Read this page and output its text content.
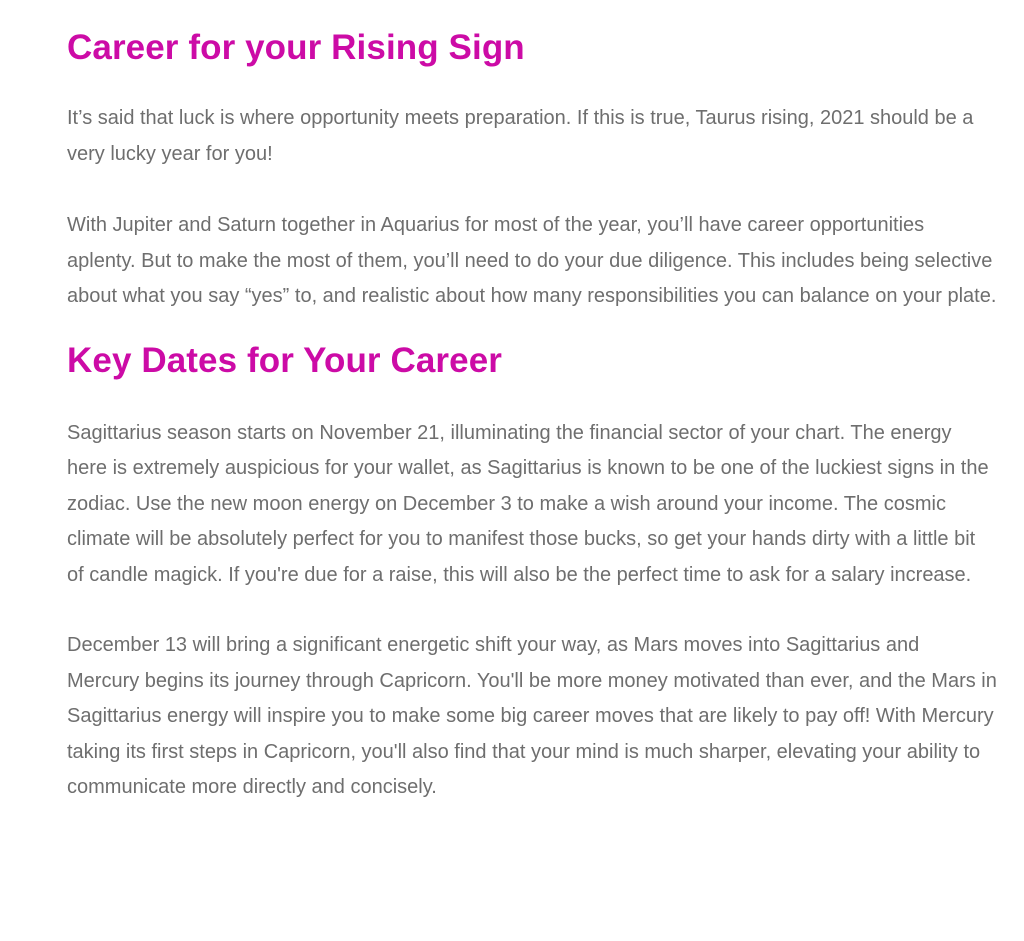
Career for your Rising Sign

It’s said that luck is where opportunity meets preparation. If this is true, Taurus rising, 2021 should be a very lucky year for you!

With Jupiter and Saturn together in Aquarius for most of the year, you’ll have career opportunities aplenty. But to make the most of them, you’ll need to do your due diligence. This includes being selective about what you say “yes” to, and realistic about how many responsibilities you can balance on your plate.

Key Dates for Your Career

Sagittarius season starts on November 21, illuminating the financial sector of your chart. The energy here is extremely auspicious for your wallet, as Sagittarius is known to be one of the luckiest signs in the zodiac. Use the new moon energy on December 3 to make a wish around your income. The cosmic climate will be absolutely perfect for you to manifest those bucks, so get your hands dirty with a little bit of candle magick. If you're due for a raise, this will also be the perfect time to ask for a salary increase.

December 13 will bring a significant energetic shift your way, as Mars moves into Sagittarius and Mercury begins its journey through Capricorn. You'll be more money motivated than ever, and the Mars in Sagittarius energy will inspire you to make some big career moves that are likely to pay off! With Mercury taking its first steps in Capricorn, you'll also find that your mind is much sharper, elevating your ability to communicate more directly and concisely.
